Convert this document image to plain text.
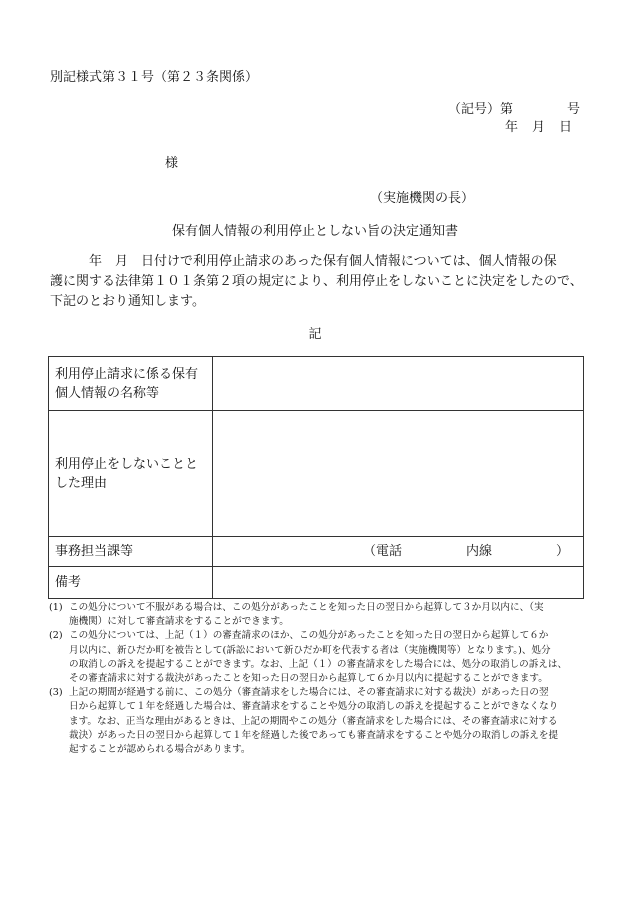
別記様式第３１号（第２３条関係）
（記号）第	号
年 月 日
様
（実施機関の長）
保有個人情報の利用停止としない旨の決定通知書
　　　年　月　日付けで利用停止請求のあった保有個人情報については、個人情報の保
護に関する法律第１０１条第２項の規定により、利用停止をしないことに決定をしたので、
下記のとおり通知します。
記
利用停止請求に係る保有
個人情報の名称等	

利用停止をしないことと
した理由	

事務担当課等	（電話 内線 ）

備考	
(1) この処分について不服がある場合は、この処分があったことを知った日の翌日から起算して３か月以内に、（実
施機関）に対して審査請求をすることができます。
(2) この処分については、上記（１）の審査請求のほか、この処分があったことを知った日の翌日から起算して６か
月以内に、新ひだか町を被告として(訴訟において新ひだか町を代表する者は（実施機関等）となります。)、処分
の取消しの訴えを提起することができます。なお、上記（１）の審査請求をした場合には、処分の取消しの訴えは、
その審査請求に対する裁決があったことを知った日の翌日から起算して６か月以内に提起することができます。
(3) 上記の期間が経過する前に、この処分（審査請求をした場合には、その審査請求に対する裁決）があった日の翌
日から起算して１年を経過した場合は、審査請求をすることや処分の取消しの訴えを提起することができなくなり
ます。なお、正当な理由があるときは、上記の期間やこの処分（審査請求をした場合には、その審査請求に対する
裁決）があった日の翌日から起算して１年を経過した後であっても審査請求をすることや処分の取消しの訴えを提
起することが認められる場合があります。
